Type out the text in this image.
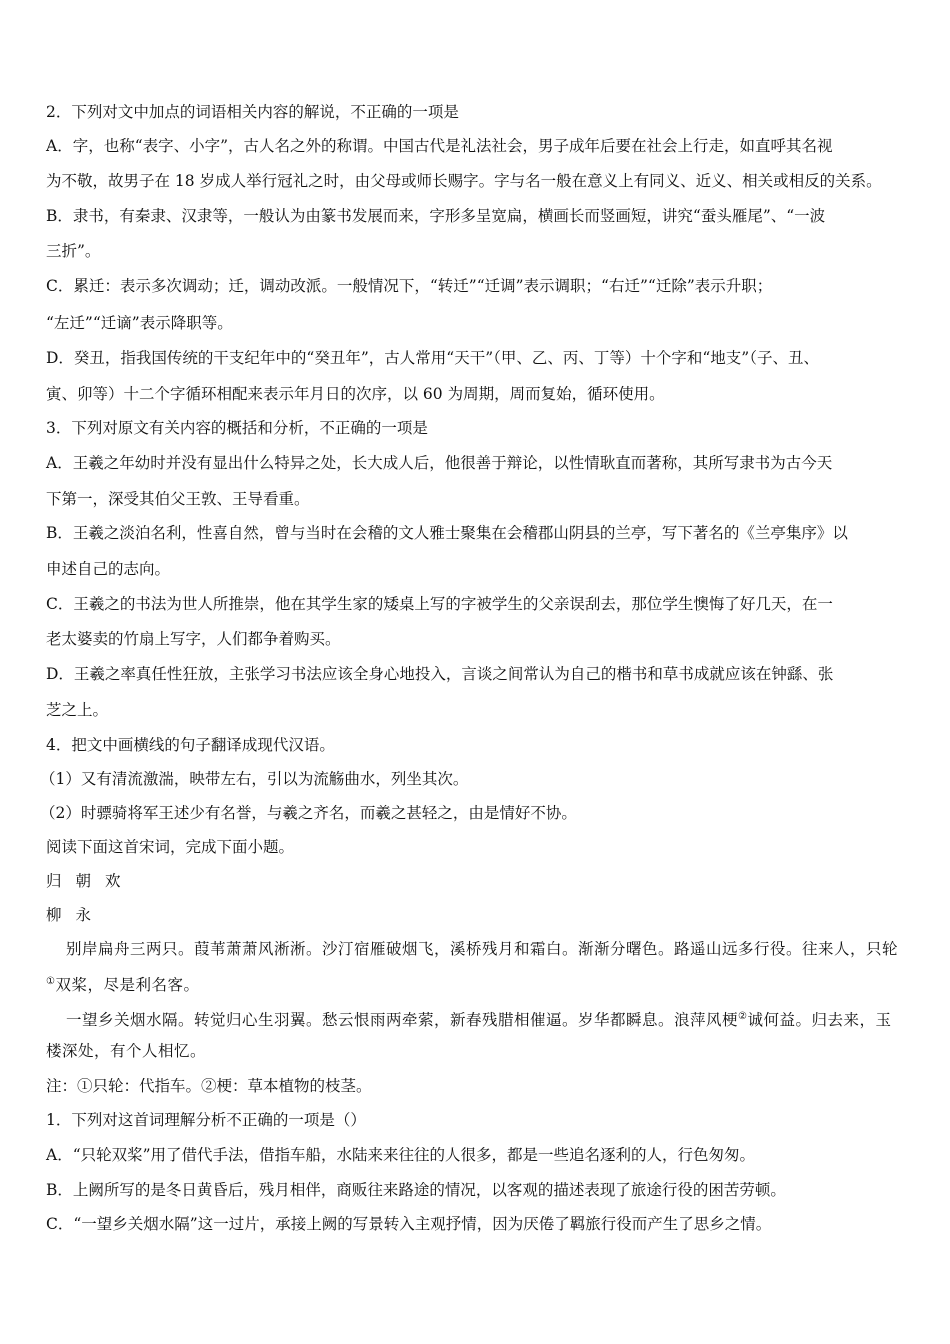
2．下列对文中加点的词语相关内容的解说，不正确的一项是
A．字，也称“表字、小字”，古人名之外的称谓。中国古代是礼法社会，男子成年后要在社会上行走，如直呼其名视
为不敬，故男子在 18 岁成人举行冠礼之时，由父母或师长赐字。字与名一般在意义上有同义、近义、相关或相反的关系。
B．隶书，有秦隶、汉隶等，一般认为由篆书发展而来，字形多呈宽扁，横画长而竖画短，讲究“蚕头雁尾”、“一波
三折”。
C．累迁：表示多次调动；迁，调动改派。一般情况下，“转迁”“迁调”表示调职；“右迁”“迁除”表示升职；
“左迁”“迁谪”表示降职等。
D．癸丑，指我国传统的干支纪年中的“癸丑年”，古人常用“天干”（甲、乙、丙、丁等）十个字和“地支”（子、丑、
寅、卯等）十二个字循环相配来表示年月日的次序，以 60 为周期，周而复始，循环使用。
3．下列对原文有关内容的概括和分析，不正确的一项是
A．王羲之年幼时并没有显出什么特异之处，长大成人后，他很善于辩论，以性情耿直而著称，其所写隶书为古今天
下第一，深受其伯父王敦、王导看重。
B．王羲之淡泊名利，性喜自然，曾与当时在会稽的文人雅士聚集在会稽郡山阴县的兰亭，写下著名的《兰亭集序》以
申述自己的志向。
C．王羲之的书法为世人所推崇，他在其学生家的矮桌上写的字被学生的父亲误刮去，那位学生懊悔了好几天，在一
老太婆卖的竹扇上写字，人们都争着购买。
D．王羲之率真任性狂放，主张学习书法应该全身心地投入，言谈之间常认为自己的楷书和草书成就应该在钟繇、张
芝之上。
4．把文中画横线的句子翻译成现代汉语。
（1）又有清流激湍，映带左右，引以为流觞曲水，列坐其次。
（2）时骠骑将军王述少有名誉，与羲之齐名，而羲之甚轻之，由是情好不协。
阅读下面这首宋词，完成下面小题。
归朝欢
柳永
别岸扁舟三两只。葭苇萧萧风淅淅。沙汀宿雁破烟飞，溪桥残月和霜白。渐渐分曙色。路遥山远多行役。往来人，只轮
①双桨，尽是利名客。
一望乡关烟水隔。转觉归心生羽翼。愁云恨雨两牵萦，新春残腊相催逼。岁华都瞬息。浪萍风梗②诚何益。归去来，玉
楼深处，有个人相忆。
注：①只轮：代指车。②梗：草本植物的枝茎。
1．下列对这首词理解分析不正确的一项是（）
A．“只轮双桨”用了借代手法，借指车船，水陆来来往往的人很多，都是一些追名逐利的人，行色匆匆。
B．上阙所写的是冬日黄昏后，残月相伴，商贩往来路途的情况，以客观的描述表现了旅途行役的困苦劳顿。
C．“一望乡关烟水隔”这一过片，承接上阙的写景转入主观抒情，因为厌倦了羁旅行役而产生了思乡之情。
